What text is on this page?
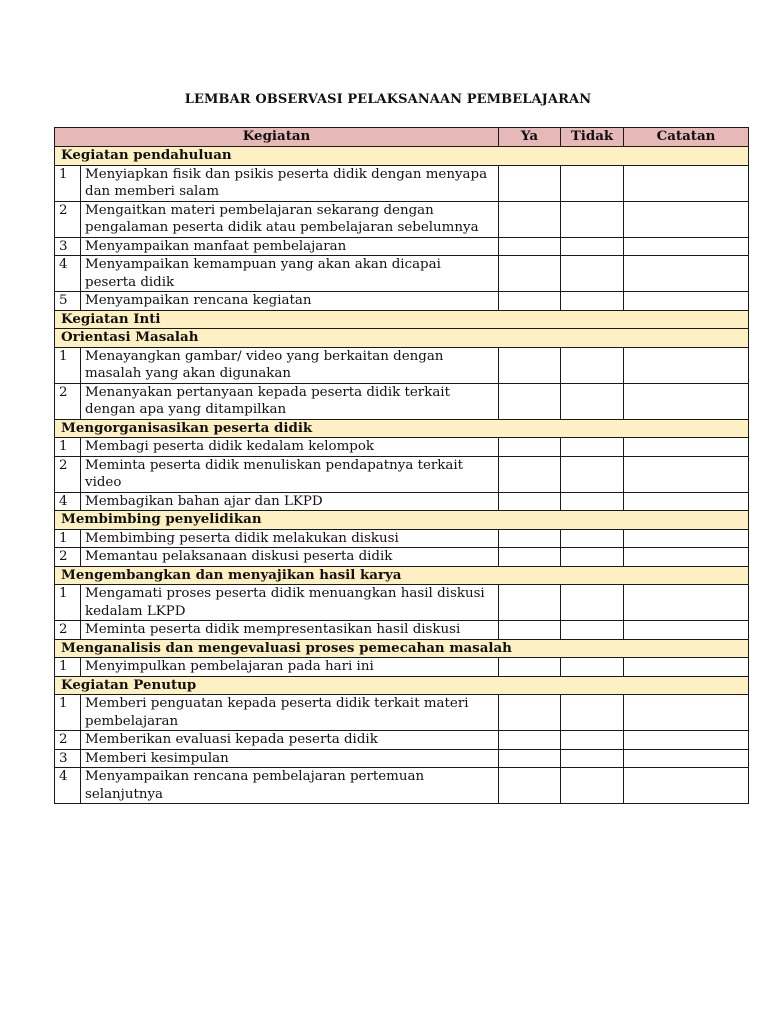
LEMBAR OBSERVASI PELAKSANAAN PEMBELAJARAN
Kegiatan		Ya	Tidak	Catatan
Kegiatan pendahuluan				
1	Menyiapkan fisik dan psikis peserta didik dengan menyapa dan memberi salam			
2	Mengaitkan materi pembelajaran sekarang dengan pengalaman peserta didik atau pembelajaran sebelumnya			
3	Menyampaikan manfaat pembelajaran			
4	Menyampaikan kemampuan yang akan akan dicapai peserta didik			
5	Menyampaikan rencana kegiatan			
Kegiatan Inti				
Orientasi Masalah				
1	Menayangkan gambar/ video yang berkaitan dengan masalah yang akan digunakan			
2	Menanyakan pertanyaan kepada peserta didik terkait dengan apa yang ditampilkan			
Mengorganisasikan peserta didik				
1	Membagi peserta didik kedalam kelompok			
2	Meminta peserta didik menuliskan pendapatnya terkait video			
4	Membagikan bahan ajar dan LKPD			
Membimbing penyelidikan				
1	Membimbing peserta didik melakukan diskusi			
2	Memantau pelaksanaan diskusi peserta didik			
Mengembangkan dan menyajikan hasil karya				
1	Mengamati proses peserta didik menuangkan hasil diskusi kedalam LKPD			
2	Meminta peserta didik mempresentasikan hasil diskusi			
Menganalisis dan mengevaluasi proses pemecahan masalah				
1	Menyimpulkan pembelajaran pada hari ini			
Kegiatan Penutup				
1	Memberi penguatan kepada peserta didik terkait materi pembelajaran			
2	Memberikan evaluasi kepada peserta didik			
3	Memberi kesimpulan			
4	Menyampaikan rencana pembelajaran pertemuan selanjutnya			
